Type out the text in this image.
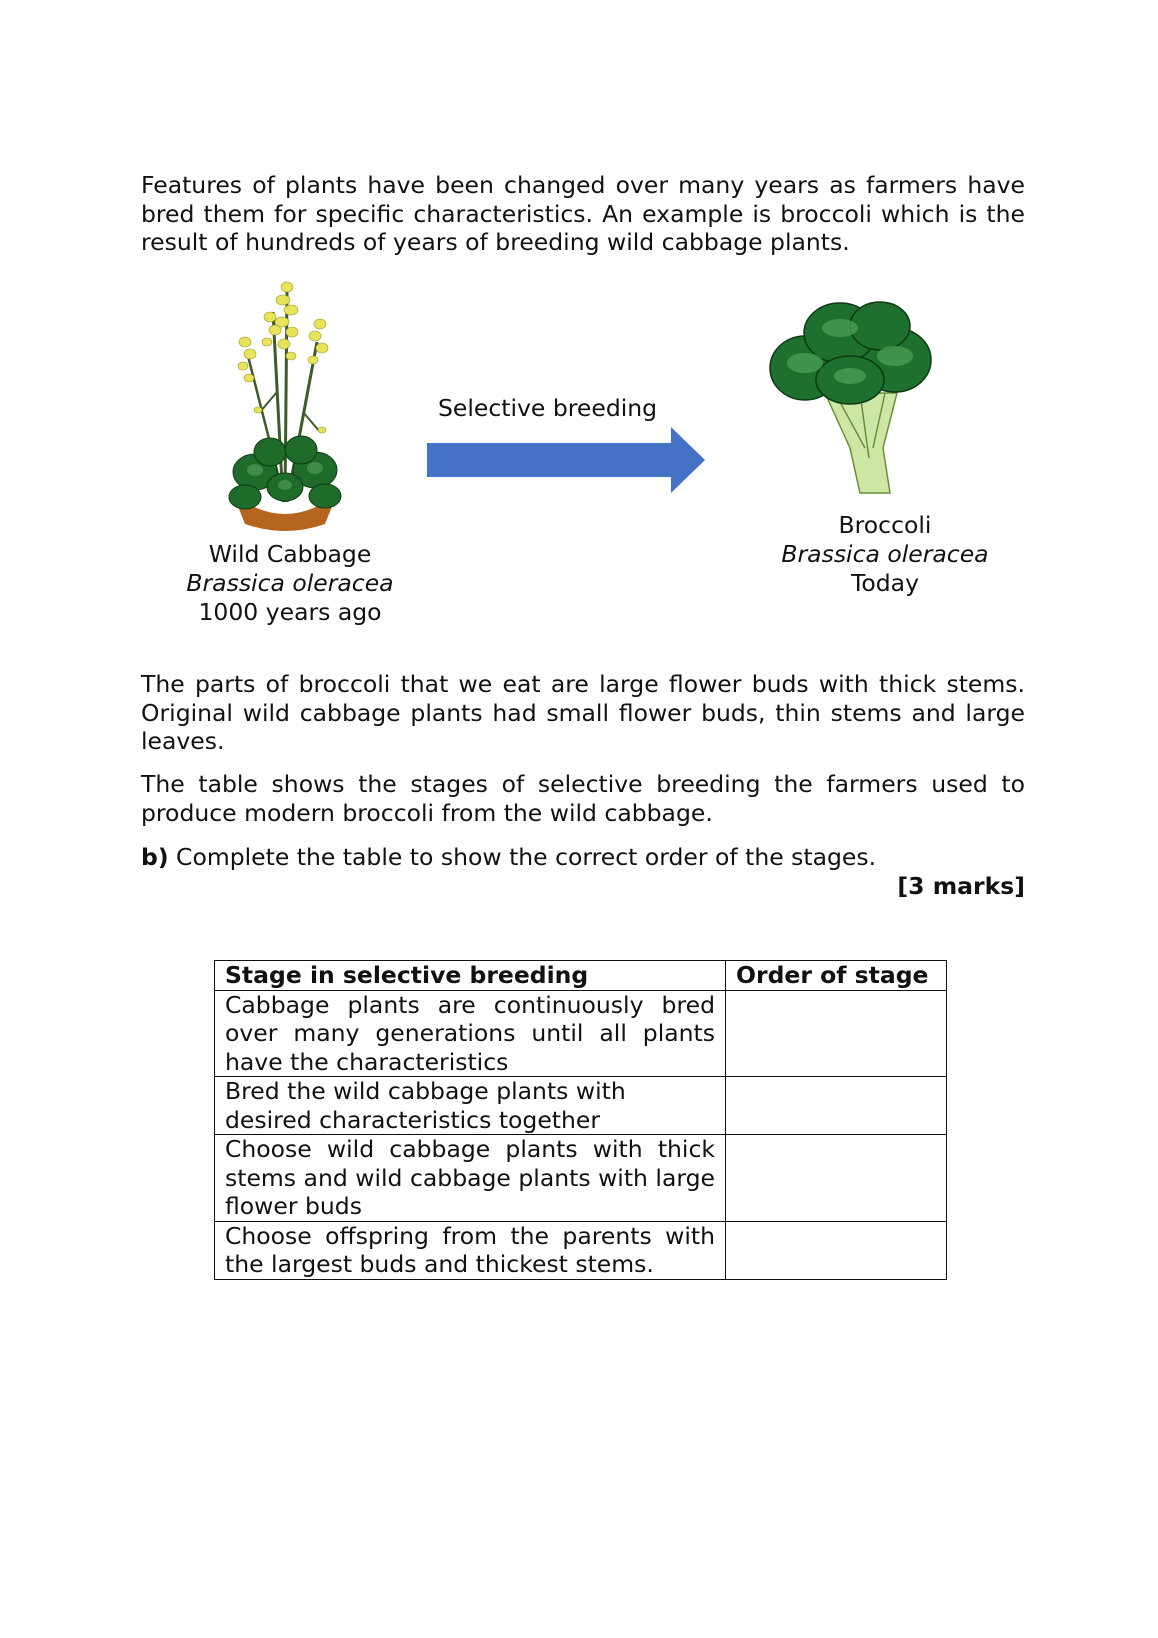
Features of plants have been changed over many years as farmers have bred them for specific characteristics. An example is broccoli which is the result of hundreds of years of breeding wild cabbage plants.

Wild Cabbage
Brassica oleracea
1000 years ago
Selective breeding
Broccoli
Brassica oleracea
Today

The parts of broccoli that we eat are large flower buds with thick stems. Original wild cabbage plants had small flower buds, thin stems and large leaves.

The table shows the stages of selective breeding the farmers used to produce modern broccoli from the wild cabbage.

b) Complete the table to show the correct order of the stages.

[3 marks]
Stage in selective breeding	Order of stage
Cabbage plants are continuously bred over many generations until all plants have the characteristics	
Bred the wild cabbage plants with desired characteristics together	
Choose wild cabbage plants with thick stems and wild cabbage plants with large flower buds	
Choose offspring from the parents with the largest buds and thickest stems.	
